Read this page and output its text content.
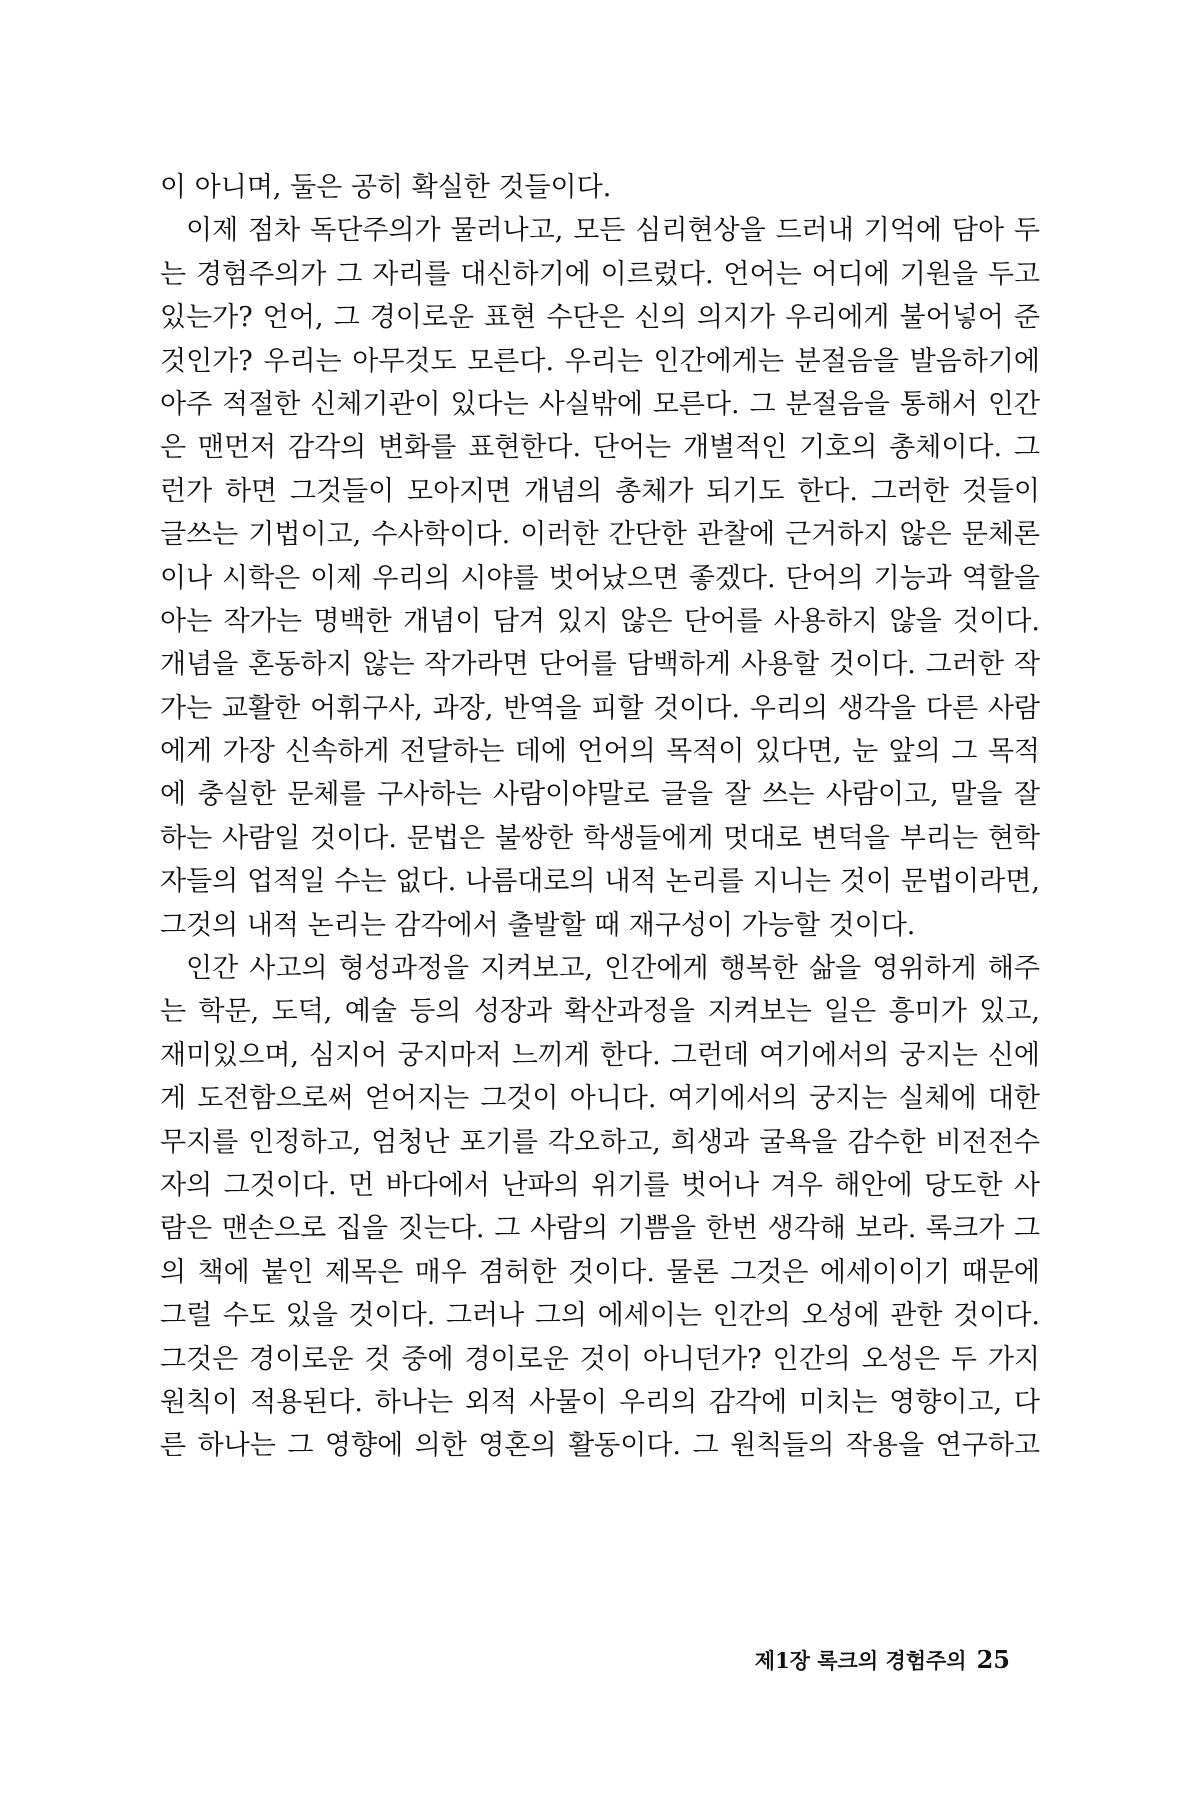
이 아니며, 둘은 공히 확실한 것들이다.
이제 점차 독단주의가 물러나고, 모든 심리현상을 드러내 기억에 담아 두
는 경험주의가 그 자리를 대신하기에 이르렀다. 언어는 어디에 기원을 두고
있는가? 언어, 그 경이로운 표현 수단은 신의 의지가 우리에게 불어넣어 준
것인가? 우리는 아무것도 모른다. 우리는 인간에게는 분절음을 발음하기에
아주 적절한 신체기관이 있다는 사실밖에 모른다. 그 분절음을 통해서 인간
은 맨먼저 감각의 변화를 표현한다. 단어는 개별적인 기호의 총체이다. 그
런가 하면 그것들이 모아지면 개념의 총체가 되기도 한다. 그러한 것들이
글쓰는 기법이고, 수사학이다. 이러한 간단한 관찰에 근거하지 않은 문체론
이나 시학은 이제 우리의 시야를 벗어났으면 좋겠다. 단어의 기능과 역할을
아는 작가는 명백한 개념이 담겨 있지 않은 단어를 사용하지 않을 것이다.
개념을 혼동하지 않는 작가라면 단어를 담백하게 사용할 것이다. 그러한 작
가는 교활한 어휘구사, 과장, 반역을 피할 것이다. 우리의 생각을 다른 사람
에게 가장 신속하게 전달하는 데에 언어의 목적이 있다면, 눈 앞의 그 목적
에 충실한 문체를 구사하는 사람이야말로 글을 잘 쓰는 사람이고, 말을 잘
하는 사람일 것이다. 문법은 불쌍한 학생들에게 멋대로 변덕을 부리는 현학
자들의 업적일 수는 없다. 나름대로의 내적 논리를 지니는 것이 문법이라면,
그것의 내적 논리는 감각에서 출발할 때 재구성이 가능할 것이다.
인간 사고의 형성과정을 지켜보고, 인간에게 행복한 삶을 영위하게 해주
는 학문, 도덕, 예술 등의 성장과 확산과정을 지켜보는 일은 흥미가 있고,
재미있으며, 심지어 궁지마저 느끼게 한다. 그런데 여기에서의 궁지는 신에
게 도전함으로써 얻어지는 그것이 아니다. 여기에서의 궁지는 실체에 대한
무지를 인정하고, 엄청난 포기를 각오하고, 희생과 굴욕을 감수한 비전전수
자의 그것이다. 먼 바다에서 난파의 위기를 벗어나 겨우 해안에 당도한 사
람은 맨손으로 집을 짓는다. 그 사람의 기쁨을 한번 생각해 보라. 록크가 그
의 책에 붙인 제목은 매우 겸허한 것이다. 물론 그것은 에세이이기 때문에
그럴 수도 있을 것이다. 그러나 그의 에세이는 인간의 오성에 관한 것이다.
그것은 경이로운 것 중에 경이로운 것이 아니던가? 인간의 오성은 두 가지
원칙이 적용된다. 하나는 외적 사물이 우리의 감각에 미치는 영향이고, 다
른 하나는 그 영향에 의한 영혼의 활동이다. 그 원칙들의 작용을 연구하고
제1장 록크의 경험주의 25
